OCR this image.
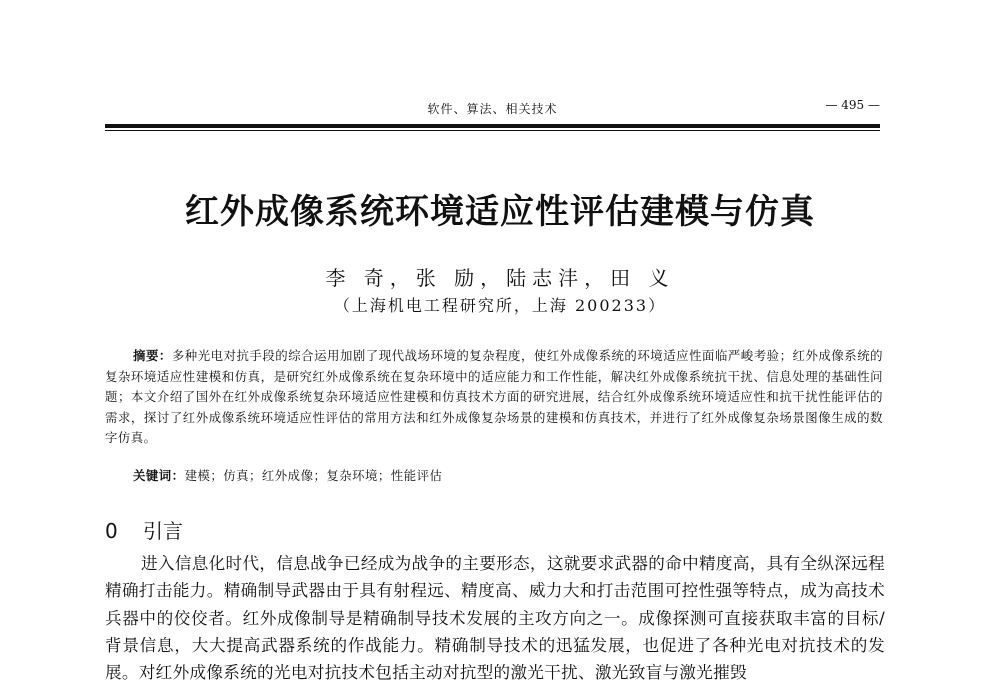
软件、算法、相关技术	— 495 —
红外成像系统环境适应性评估建模与仿真
李 奇，张 励，陆志沣，田 义
（上海机电工程研究所，上海 200233）
摘要：多种光电对抗手段的综合运用加剧了现代战场环境的复杂程度，使红外成像系统的环境适应性面临严峻考验；红外成像系统的复杂环境适应性建模和仿真，是研究红外成像系统在复杂环境中的适应能力和工作性能，解决红外成像系统抗干扰、信息处理的基础性问题；本文介绍了国外在红外成像系统复杂环境适应性建模和仿真技术方面的研究进展，结合红外成像系统环境适应性和抗干扰性能评估的需求，探讨了红外成像系统环境适应性评估的常用方法和红外成像复杂场景的建模和仿真技术，并进行了红外成像复杂场景图像生成的数字仿真。
关键词：建模；仿真；红外成像；复杂环境；性能评估
0 引言
进入信息化时代，信息战争已经成为战争的主要形态，这就要求武器的命中精度高，具有全纵深远程精确打击能力。精确制导武器由于具有射程远、精度高、威力大和打击范围可控性强等特点，成为高技术兵器中的佼佼者。红外成像制导是精确制导技术发展的主攻方向之一。成像探测可直接获取丰富的目标/背景信息，大大提高武器系统的作战能力。精确制导技术的迅猛发展，也促进了各种光电对抗技术的发展。对红外成像系统的光电对抗技术包括主动对抗型的激光干扰、激光致盲与激光摧毁
